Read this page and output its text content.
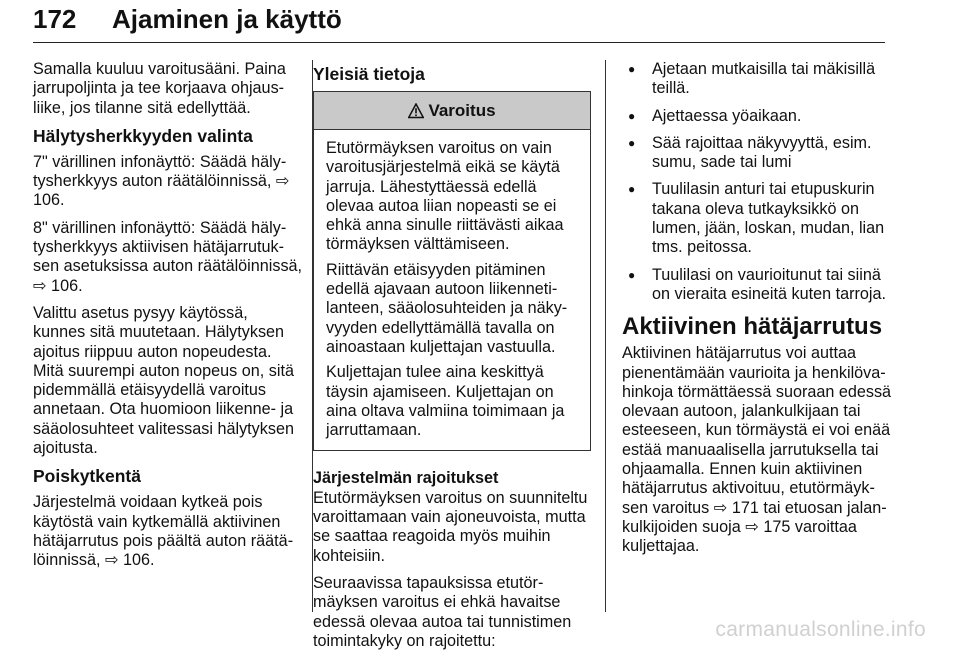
172 Ajaminen ja käyttö

Samalla kuuluu varoitusääni. Paina jarrupoljinta ja tee korjaava ohjausliike, jos tilanne sitä edellyttää.

Hälytysherkkyyden valinta

7" värillinen infonäyttö: Säädä hälytysherkkyys auton räätälöinnissä, ⇨ 106.

8" värillinen infonäyttö: Säädä hälytysherkkyys aktiivisen hätäjarrutuksen asetuksissa auton räätälöinnissä, ⇨ 106.

Valittu asetus pysyy käytössä, kunnes sitä muutetaan. Hälytyksen ajoitus riippuu auton nopeudesta. Mitä suurempi auton nopeus on, sitä pidemmällä etäisyydellä varoitus annetaan. Ota huomioon liikenne- ja sääolosuhteet valitessasi hälytyksen ajoitusta.

Poiskytkentä

Järjestelmä voidaan kytkeä pois käytöstä vain kytkemällä aktiivinen hätäjarrutus pois päältä auton räätälöinnissä, ⇨ 106.

Yleisiä tietoja
Varoitus

Etutörmäyksen varoitus on vain varoitusjärjestelmä eikä se käytä jarruja. Lähestyttäessä edellä olevaa autoa liian nopeasti se ei ehkä anna sinulle riittävästi aikaa törmäyksen välttämiseen.

Riittävän etäisyyden pitäminen edellä ajavaan autoon liikennetilanteen, sääolosuhteiden ja näkyvyyden edellyttämällä tavalla on ainoastaan kuljettajan vastuulla.

Kuljettajan tulee aina keskittyä täysin ajamiseen. Kuljettajan on aina oltava valmiina toimimaan ja jarruttamaan.

Järjestelmän rajoitukset

Etutörmäyksen varoitus on suunniteltu varoittamaan vain ajoneuvoista, mutta se saattaa reagoida myös muihin kohteisiin.

Seuraavissa tapauksissa etutörmäyksen varoitus ei ehkä havaitse edessä olevaa autoa tai tunnistimen toimintakyky on rajoitettu:

● Ajetaan mutkaisilla tai mäkisillä teillä.
● Ajettaessa yöaikaan.
● Sää rajoittaa näkyvyyttä, esim. sumu, sade tai lumi
● Tuulilasin anturi tai etupuskurin takana oleva tutkayksikkö on lumen, jään, loskan, mudan, lian tms. peitossa.
● Tuulilasi on vaurioitunut tai siinä on vieraita esineitä kuten tarroja.
Aktiivinen hätäjarrutus

Aktiivinen hätäjarrutus voi auttaa pienentämään vaurioita ja henkilövahinkoja törmättäessä suoraan edessä olevaan autoon, jalankulkijaan tai esteeseen, kun törmäystä ei voi enää estää manuaalisella jarrutuksella tai ohjaamalla. Ennen kuin aktiivinen hätäjarrutus aktivoituu, etutörmäyksen varoitus ⇨ 171 tai etuosan jalankulkijoiden suoja ⇨ 175 varoittaa kuljettajaa.

carmanualsonline.info
